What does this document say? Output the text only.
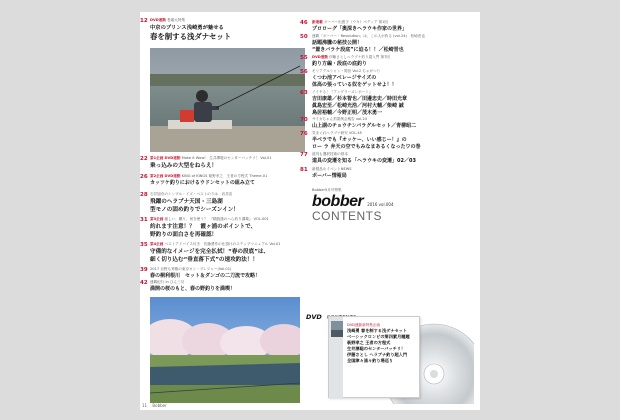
12 DVD連動 巻頭大特集
中京のプリンス浅崎勇が魅せる
春を制する浅ダナセット
22 第1企画 DVD連動 Make it Wow!　生井澤聡のセンターバッチリ！ Vol.01
乗っ込みの大型をねらえ！
26 第2企画 DVD連動 KING of KINGS 萩野孝之　王者の方程式 Theme.01
カッツケ釣りにおけるウドンセットの組み立て
28 石井旭舟のシンプル・イズ・ベストのりは　岩井渓
飛躍のヘラブナ天国・三島湖
型モノの固め釣りでシーズンイン！
31 第3企画 厳しい、難り、何を使う？　『精鋭連のへら釣り講義』 VOL.001
約れます注意！？　霞ヶ浦のボイントで、
野釣りの面白さを再確認！
35 第4企画 ベストアドバイス付き　佐藤勇作の仕掛けのステップマニュアル Vol.01
守備的なイメージを完全払拭！“春の段底”は、
細く切り込む“垂直落下式”の速攻釣法！！
39 2017 目野も秀雄の東京オン・プレジャー(Vol.01)
春の桐利根川　セット＆ダンゴの二刀流で攻略！
42 連載紀行 in ひん三川
満開の桜のもと、春の野釣りを満喫！
46 新連載 ボーバー出張子（ウキ）ペディア 第1回
プロローグ「奥深きヘラウキ作家の世界」
50 連載「ボーバー・Revolution」は、この人が釣る (vol.24)　松崎晋也
話題沸騰の秘技公開！
“置きバラケ段底”に迫る！！／松崎晋也
55 DVD連動 伊藤さとしへラブナ釣り超入門 第7回
釣り方編・段底の底釣り
56 モリアデルシャン・岡田 Vol.2 ちゃがつり
くつわ池アベレージサイズの
体高の張っている奴をゲットせよ！！
63 イイヤる！『アングラーズレポート』
吉田康雄／杉本智也／田邊忠史／時田光章
眞島宏至／松崎光浩／河村大輔／柴崎 誠
鳥居裕輔／今野正明／茂木勇一
70 サイカちゃん釣果例会報告 vol.24
山上湖のチョウチンバラグルセット／青柳昭二
76 気まぐれヘラブナ研究 VOL.45
半ベラでも『オッケー、いい感じー！』の
ロー ラ 弁天の空でもみなまあるくなったワの巻
77 道具も選択技術の基本
道具の変遷を知る「ヘラウキの変遷」02／03
81 新製品＆イベントNEWS
ボーバー情報局
Bobber5月号特集
bobber 2016 vol.004
CONTENTS
DVD
DVD連動新特集企画
浅崎勇 春を制する浅ダナセット
ベーシックロンビの第四素月題題
萩野孝之 王者の方程式
生井澤聡のセンターバッチリ！
伊藤さとし ヘラブナ釣り超入門
全国津々浦々釣り場巡り
11 Bobber
